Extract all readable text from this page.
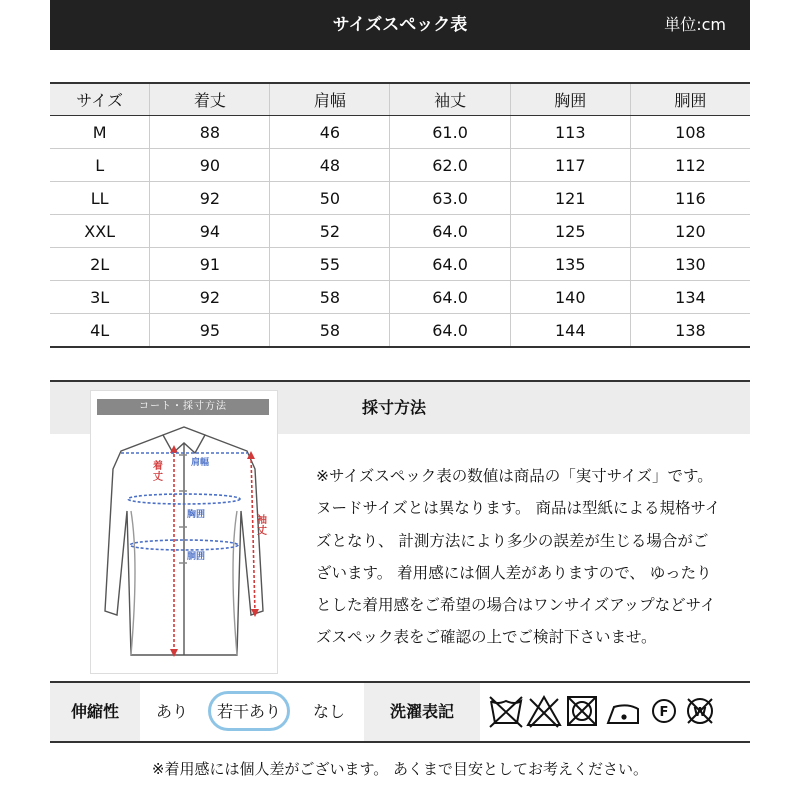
サイズスペック表	単位:cm
サイズ	着丈	肩幅	袖丈	胸囲	胴囲
M	88	46	61.0	113	108
L	90	48	62.0	117	112
LL	92	50	63.0	121	116
XXL	94	52	64.0	125	120
2L	91	55	64.0	135	130
3L	92	58	64.0	140	134
4L	95	58	64.0	144	138
採寸方法
コート・採寸方法
着丈
肩幅
胸囲
胴囲
袖丈

※サイズスペック表の数値は商品の「実寸サイズ」です。

ヌードサイズとは異なります。 商品は型紙による規格サイ

ズとなり、 計測方法により多少の誤差が生じる場合がご

ざいます。 着用感には個人差がありますので、 ゆったり

とした着用感をご希望の場合はワンサイズアップなどサイ

ズスペック表をご確認の上でご検討下さいませ。

伸縮性	あり	若干あり	なし	洗濯表記	F W
※着用感には個人差がございます。 あくまで目安としてお考えください。
